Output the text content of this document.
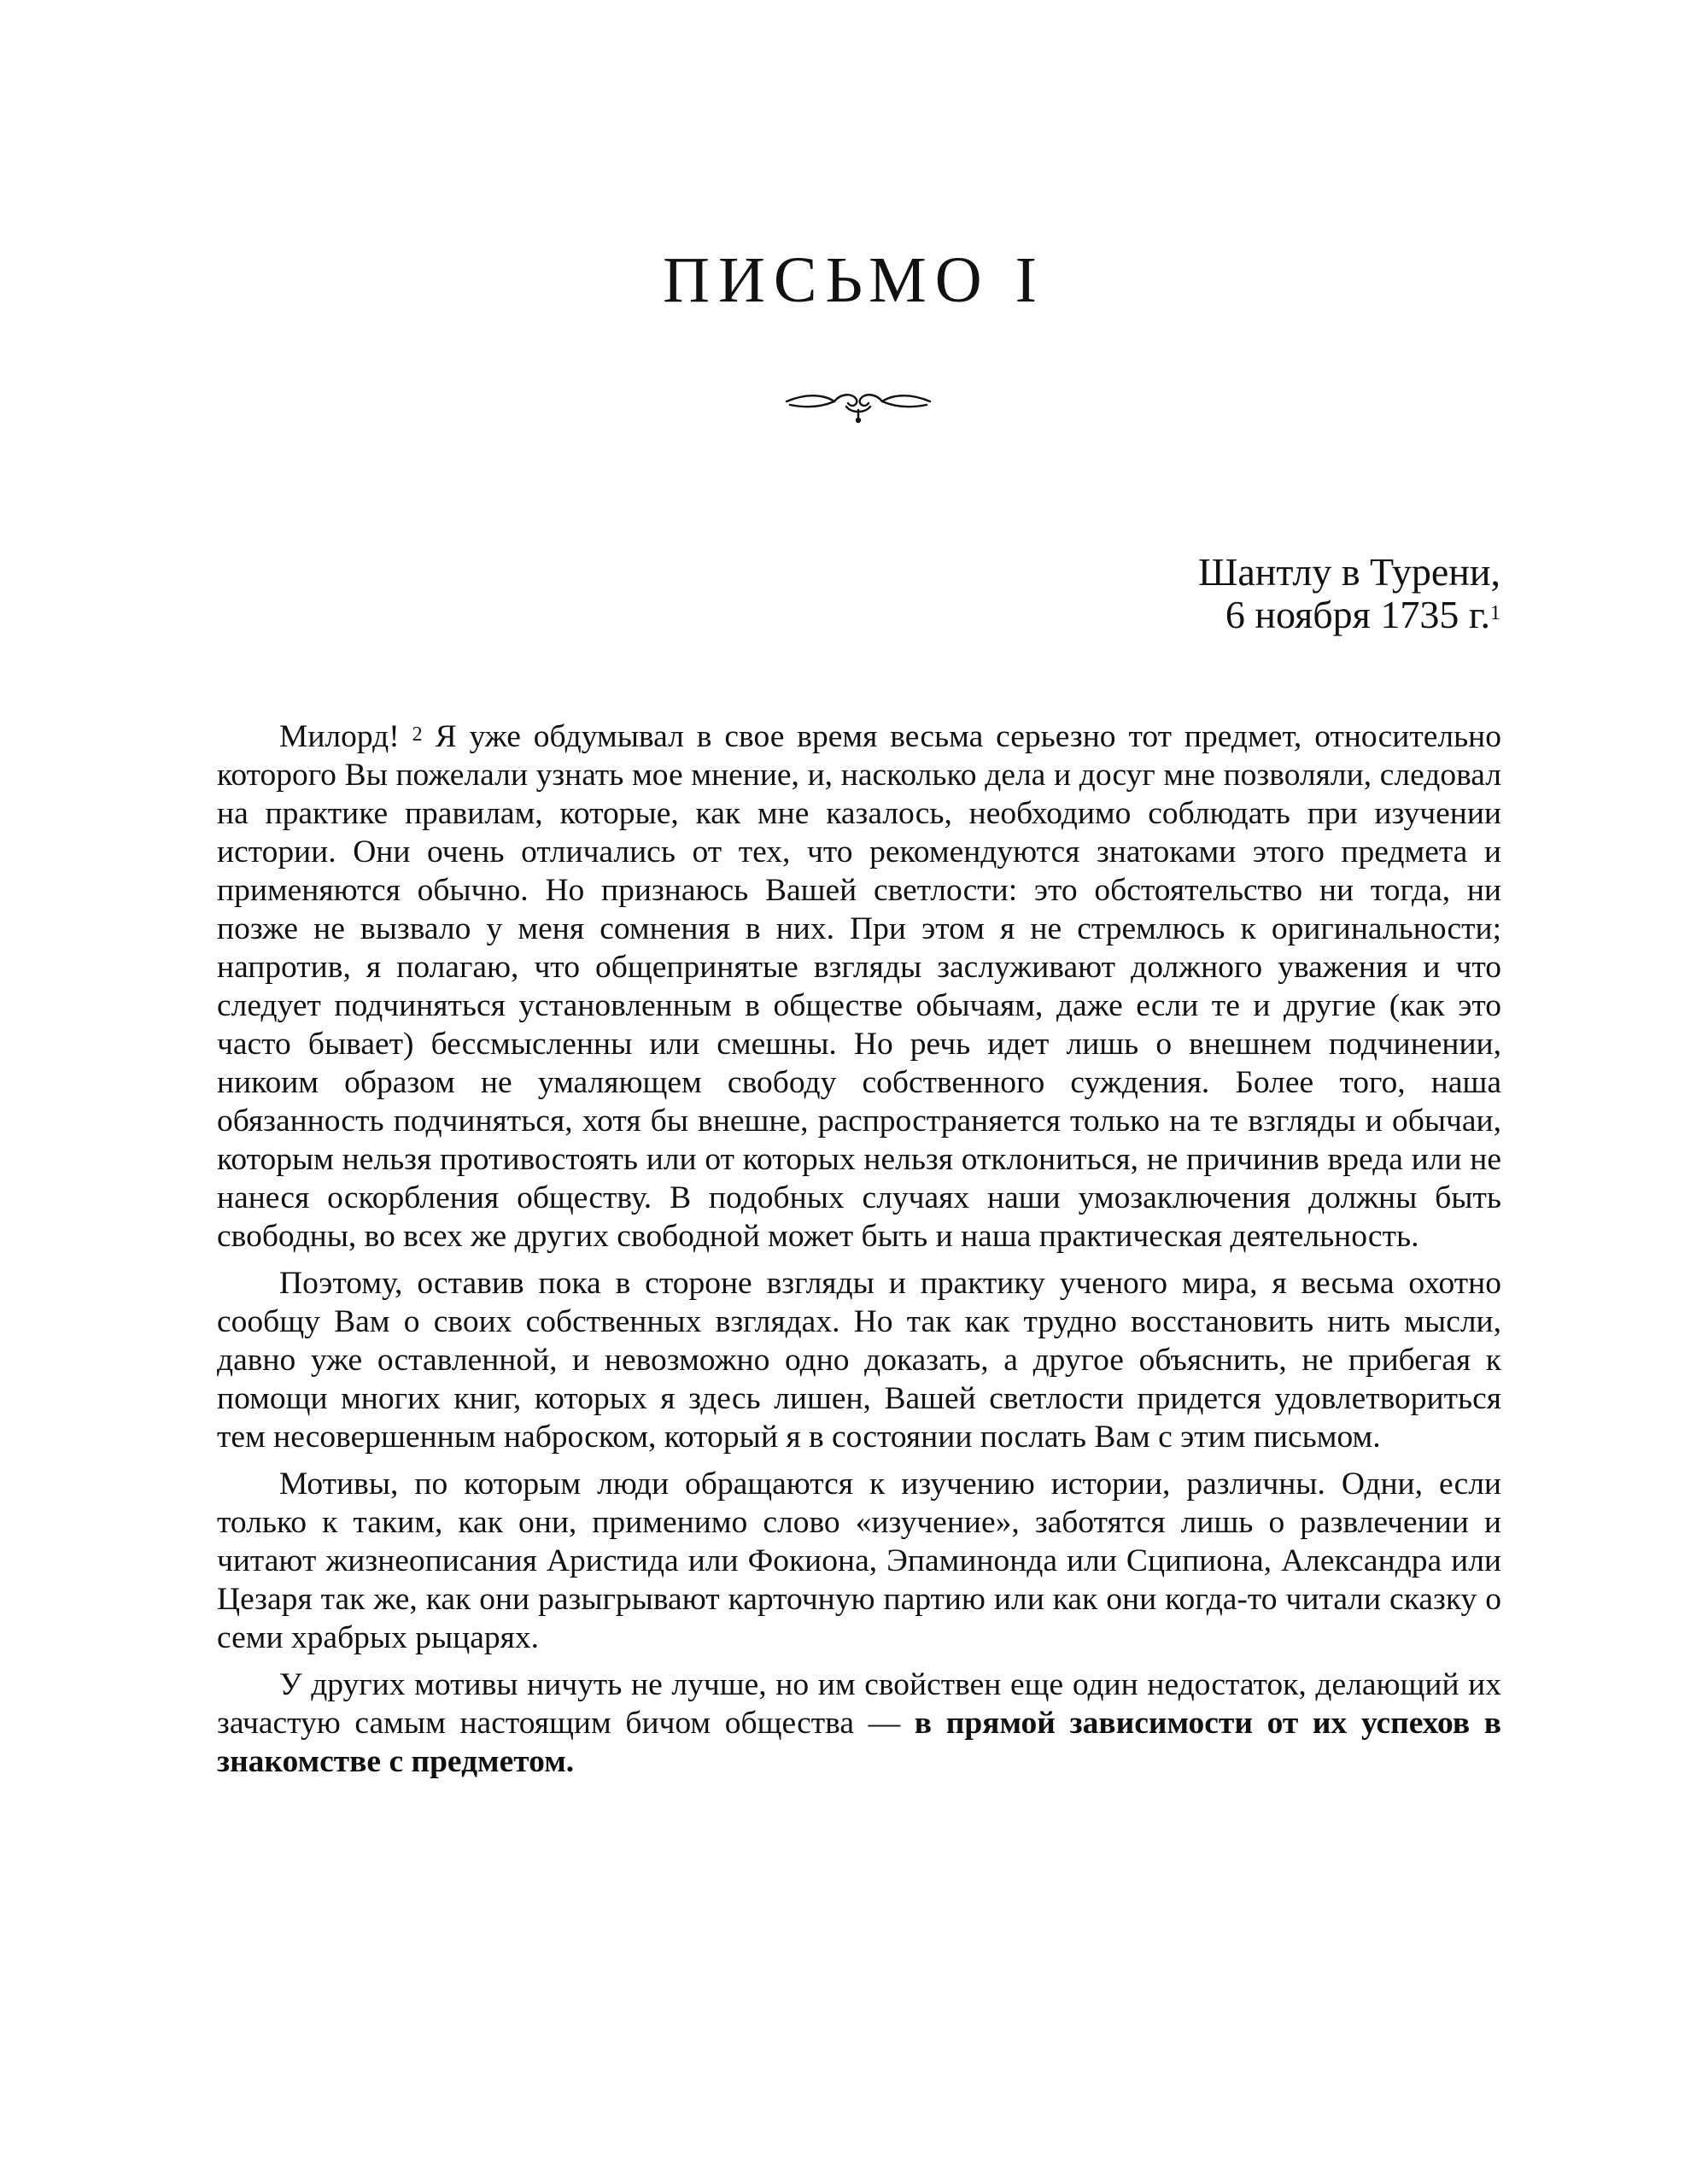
ПИСЬМО I
Шантлу в Турени,
6 ноября 1735 г.$^1$

Милорд! $^2$ Я уже обдумывал в свое время весьма серьезно тот предмет, относительно которого Вы пожелали узнать мое мнение, и, насколько дела и досуг мне позволяли, следовал на практике правилам, которые, как мне казалось, необходимо соблюдать при изучении истории. Они очень отличались от тех, что рекомендуются знатоками этого предмета и применяются обычно. Но признаюсь Вашей светлости: это обстоятельство ни тогда, ни позже не вызвало у меня сомнения в них. При этом я не стремлюсь к оригинальности; напротив, я полагаю, что общепринятые взгляды заслуживают должного уважения и что следует подчиняться установленным в обществе обычаям, даже если те и другие (как это часто бывает) бессмысленны или смешны. Но речь идет лишь о внешнем подчинении, никоим образом не умаляющем свободу собственного суждения. Более того, наша обязанность подчиняться, хотя бы внешне, распространяется только на те взгляды и обычаи, которым нельзя противостоять или от которых нельзя отклониться, не причинив вреда или не нанеся оскорбления обществу. В подобных случаях наши умозаключения должны быть свободны, во всех же других свободной может быть и наша практическая деятельность.

Поэтому, оставив пока в стороне взгляды и практику ученого мира, я весьма охотно сообщу Вам о своих собственных взглядах. Но так как трудно восстановить нить мысли, давно уже оставленной, и невозможно одно доказать, а другое объяснить, не прибегая к помощи многих книг, которых я здесь лишен, Вашей светлости придется удовлетвориться тем несовершенным наброском, который я в состоянии послать Вам с этим письмом.

Мотивы, по которым люди обращаются к изучению истории, различны. Одни, если только к таким, как они, применимо слово «изучение», заботятся лишь о развлечении и читают жизнеописания Аристида или Фокиона, Эпаминонда или Сципиона, Александра или Цезаря так же, как они разыгрывают карточную партию или как они когда-то читали сказку о семи храбрых рыцарях.

У других мотивы ничуть не лучше, но им свойствен еще один недостаток, делающий их зачастую самым настоящим бичом общества — в прямой зависимости от их успехов в знакомстве с предметом.
